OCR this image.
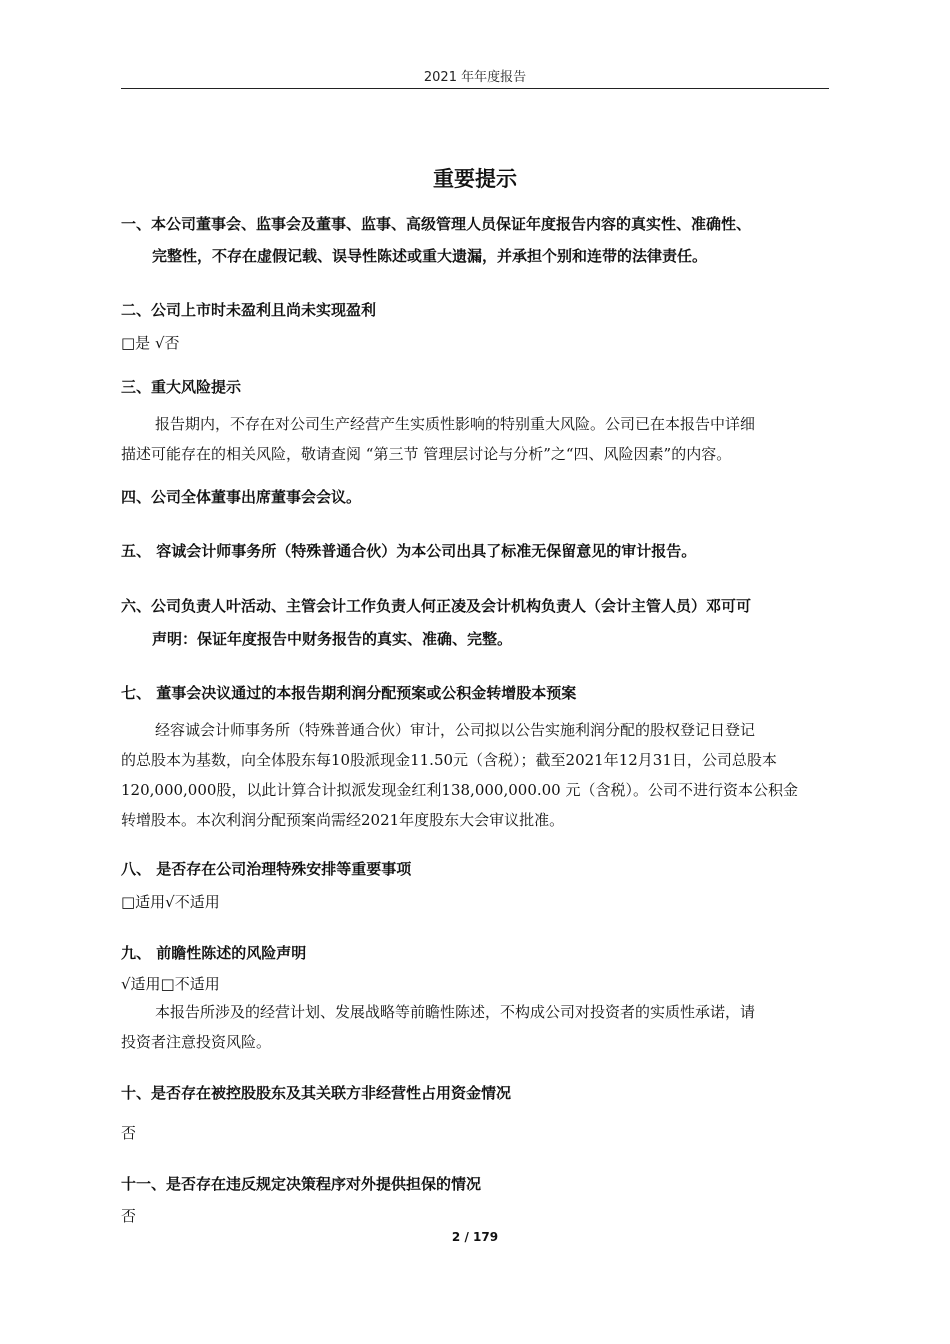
2021 年年度报告
重要提示
一、本公司董事会、监事会及董事、监事、高级管理人员保证年度报告内容的真实性、准确性、
完整性，不存在虚假记载、误导性陈述或重大遗漏，并承担个别和连带的法律责任。
二、公司上市时未盈利且尚未实现盈利
□是 √否
三、重大风险提示
报告期内，不存在对公司生产经营产生实质性影响的特别重大风险。公司已在本报告中详细
描述可能存在的相关风险，敬请查阅 “第三节 管理层讨论与分析”之“四、风险因素”的内容。
四、公司全体董事出席董事会会议。
五、 容诚会计师事务所（特殊普通合伙）为本公司出具了标准无保留意见的审计报告。
六、公司负责人叶活动、主管会计工作负责人何正凌及会计机构负责人（会计主管人员）邓可可
声明：保证年度报告中财务报告的真实、准确、完整。
七、 董事会决议通过的本报告期利润分配预案或公积金转增股本预案
经容诚会计师事务所（特殊普通合伙）审计，公司拟以公告实施利润分配的股权登记日登记
的总股本为基数，向全体股东每10股派现金11.50元（含税）；截至2021年12月31日，公司总股本
120,000,000股，以此计算合计拟派发现金红利138,000,000.00 元（含税）。公司不进行资本公积金
转增股本。本次利润分配预案尚需经2021年度股东大会审议批准。
八、 是否存在公司治理特殊安排等重要事项
□适用√不适用
九、 前瞻性陈述的风险声明
√适用□不适用
本报告所涉及的经营计划、发展战略等前瞻性陈述，不构成公司对投资者的实质性承诺，请
投资者注意投资风险。
十、是否存在被控股股东及其关联方非经营性占用资金情况
否
十一、是否存在违反规定决策程序对外提供担保的情况
否
2 / 179
